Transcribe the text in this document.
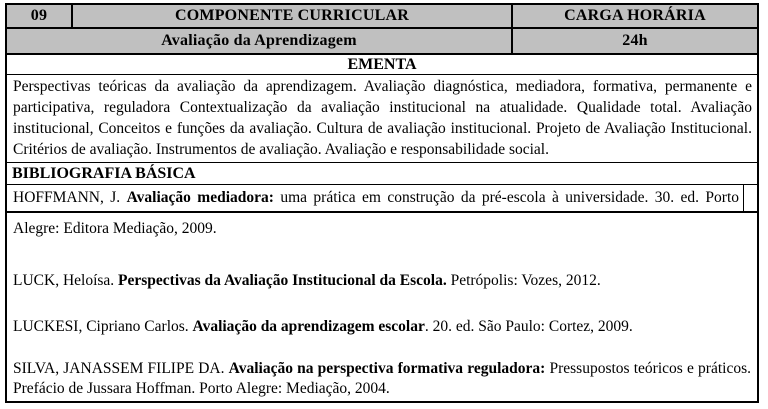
09	COMPONENTE CURRICULAR	CARGA HORÁRIA
Avaliação da Aprendizagem	24h
EMENTA
Perspectivas teóricas da avaliação da aprendizagem. Avaliação diagnóstica, mediadora, formativa, permanente e participativa, reguladora Contextualização da avaliação institucional na atualidade. Qualidade total. Avaliação institucional, Conceitos e funções da avaliação. Cultura de avaliação institucional. Projeto de Avaliação Institucional. Critérios de avaliação. Instrumentos de avaliação. Avaliação e responsabilidade social.
BIBLIOGRAFIA BÁSICA
HOFFMANN, J. Avaliação mediadora: uma prática em construção da pré-escola à universidade. 30. ed. Porto

Alegre: Editora Mediação, 2009.

LUCK, Heloísa. Perspectivas da Avaliação Institucional da Escola. Petrópolis: Vozes, 2012.

LUCKESI, Cipriano Carlos. Avaliação da aprendizagem escolar. 20. ed. São Paulo: Cortez, 2009.

SILVA, JANASSEM FILIPE DA. Avaliação na perspectiva formativa reguladora: Pressupostos teóricos e práticos. Prefácio de Jussara Hoffman. Porto Alegre: Mediação, 2004.
